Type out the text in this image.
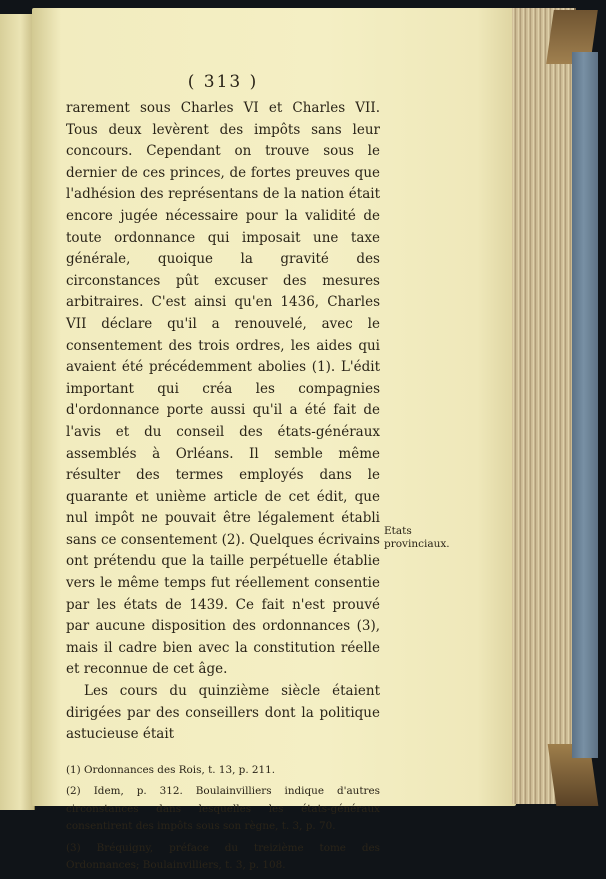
( 313 )

rarement sous Charles VI et Charles VII. Tous deux levèrent des impôts sans leur concours. Cependant on trouve sous le dernier de ces princes, de fortes preuves que l'adhésion des représentans de la nation était encore jugée nécessaire pour la validité de toute ordonnance qui imposait une taxe générale, quoique la gravité des circonstances pût excuser des mesures arbitraires. C'est ainsi qu'en 1436, Charles VII déclare qu'il a renouvelé, avec le consentement des trois ordres, les aides qui avaient été précédemment abolies (1). L'édit important qui créa les compagnies d'ordonnance porte aussi qu'il a été fait de l'avis et du conseil des états-généraux assemblés à Orléans. Il semble même résulter des termes employés dans le quarante et unième article de cet édit, que nul impôt ne pouvait être légalement établi sans ce consentement (2). Quelques écrivains ont prétendu que la taille perpétuelle établie vers le même temps fut réellement consentie par les états de 1439. Ce fait n'est prouvé par aucune disposition des ordonnances (3), mais il cadre bien avec la constitution réelle et reconnue de cet âge.

Les cours du quinzième siècle étaient dirigées par des conseillers dont la politique astucieuse était

(1) Ordonnances des Rois, t. 13, p. 211.

(2) Idem, p. 312. Boulainvilliers indique d'autres circonstances dans lesquelles les états-généraux consentirent des impôts sous son règne, t. 3, p. 70.

(3) Bréquigny, préface du treizième tome des Ordonnances; Boulainvilliers, t. 3, p. 108.

Etats provinciaux.
